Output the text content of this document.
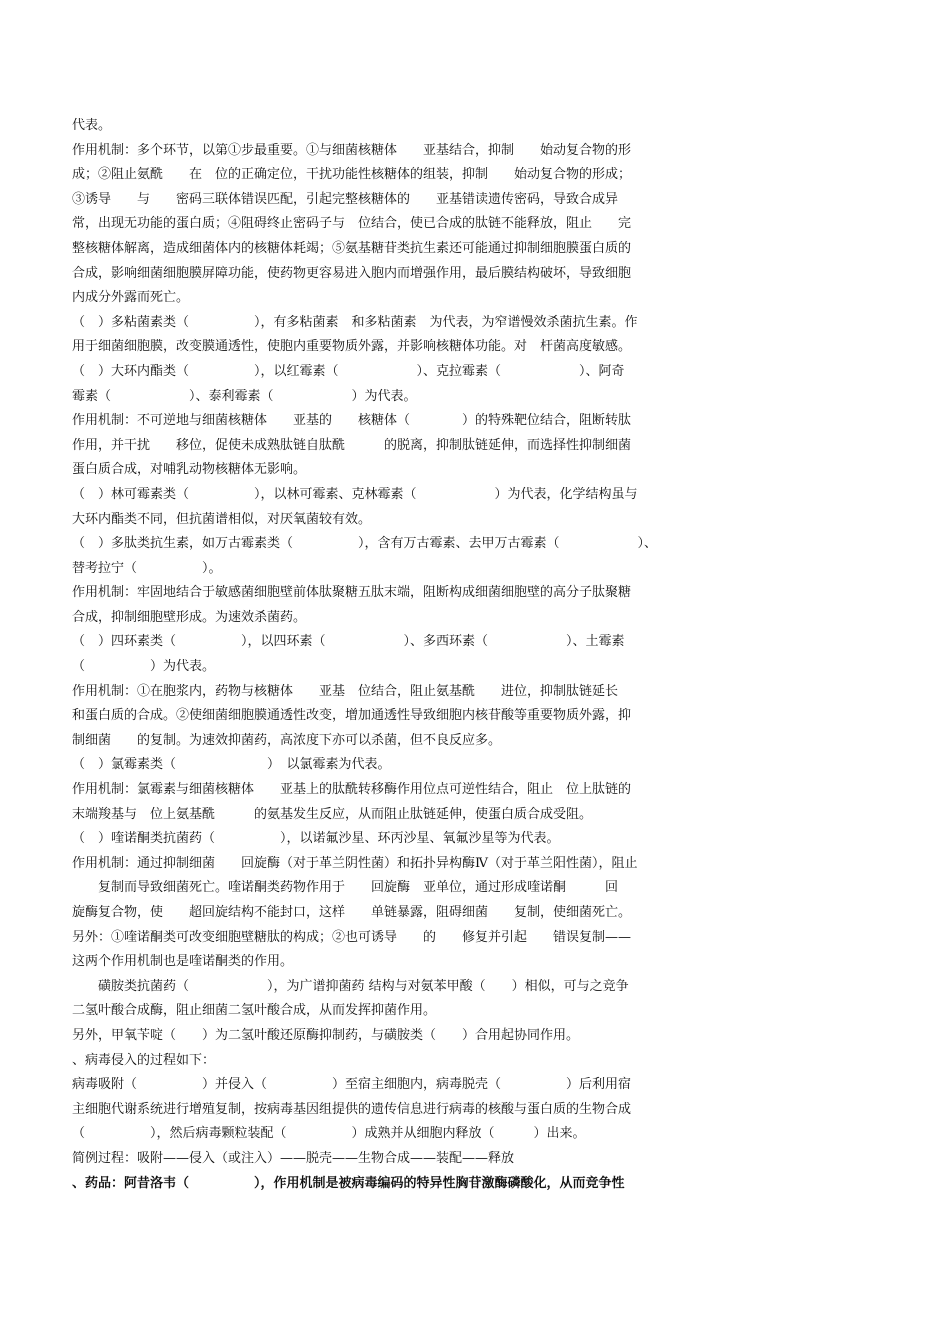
代表。
作用机制：多个环节，以第①步最重要。①与细菌核糖体　　亚基结合，抑制　　始动复合物的形
成；②阻止氨酰　　在　位的正确定位，干扰功能性核糖体的组装，抑制　　始动复合物的形成；
③诱导　　与　　密码三联体错误匹配，引起完整核糖体的　　亚基错读遗传密码，导致合成异
常，出现无功能的蛋白质；④阻碍终止密码子与　位结合，使已合成的肽链不能释放，阻止　　完
整核糖体解离，造成细菌体内的核糖体耗竭；⑤氨基糖苷类抗生素还可能通过抑制细胞膜蛋白质的
合成，影响细菌细胞膜屏障功能，使药物更容易进入胞内而增强作用，最后膜结构破坏，导致细胞
内成分外露而死亡。
（　）多粘菌素类（　　　　　），有多粘菌素　和多粘菌素　为代表，为窄谱慢效杀菌抗生素。作
用于细菌细胞膜，改变膜通透性，使胞内重要物质外露，并影响核糖体功能。对　杆菌高度敏感。
（　）大环内酯类（　　　　　），以红霉素（　　　　　　）、克拉霉素（　　　　　　）、阿奇
霉素（　　　　　　）、泰利霉素（　　　　　　）为代表。
作用机制：不可逆地与细菌核糖体　　亚基的　　核糖体（　　　　）的特殊靶位结合，阻断转肽
作用，并干扰　　移位，促使未成熟肽链自肽酰　　　的脱离，抑制肽链延伸，而选择性抑制细菌
蛋白质合成，对哺乳动物核糖体无影响。
（　）林可霉素类（　　　　　），以林可霉素、克林霉素（　　　　　　）为代表，化学结构虽与
大环内酯类不同，但抗菌谱相似，对厌氧菌较有效。
（　）多肽类抗生素，如万古霉素类（　　　　　），含有万古霉素、去甲万古霉素（　　　　　　）、
替考拉宁（　　　　　）。
作用机制：牢固地结合于敏感菌细胞壁前体肽聚糖五肽末端，阻断构成细菌细胞壁的高分子肽聚糖
合成，抑制细胞壁形成。为速效杀菌药。
（　）四环素类（　　　　　），以四环素（　　　　　　）、多西环素（　　　　　　）、土霉素
（　　　　　）为代表。
作用机制：①在胞浆内，药物与核糖体　　亚基　位结合，阻止氨基酰　　进位，抑制肽链延长
和蛋白质的合成。②使细菌细胞膜通透性改变，增加通透性导致细胞内核苷酸等重要物质外露，抑
制细菌　　的复制。为速效抑菌药，高浓度下亦可以杀菌，但不良反应多。
（　）氯霉素类（　　　　　　　）　以氯霉素为代表。
作用机制：氯霉素与细菌核糖体　　亚基上的肽酰转移酶作用位点可逆性结合，阻止　位上肽链的
末端羧基与　位上氨基酰　　　的氨基发生反应，从而阻止肽链延伸，使蛋白质合成受阻。
（　）喹诺酮类抗菌药（　　　　　），以诺氟沙星、环丙沙星、氧氟沙星等为代表。
作用机制：通过抑制细菌　　回旋酶（对于革兰阴性菌）和拓扑异构酶Ⅳ（对于革兰阳性菌），阻止
　　复制而导致细菌死亡。喹诺酮类药物作用于　　回旋酶　亚单位，通过形成喹诺酮　　　回
旋酶复合物，使　　超回旋结构不能封口，这样　　单链暴露，阻碍细菌　　复制，使细菌死亡。
另外：①喹诺酮类可改变细胞壁糖肽的构成；②也可诱导　　的　　修复并引起　　错误复制——
这两个作用机制也是喹诺酮类的作用。
　　磺胺类抗菌药（　　　　　　），为广谱抑菌药 结构与对氨苯甲酸（　　）相似，可与之竞争
二氢叶酸合成酶，阻止细菌二氢叶酸合成，从而发挥抑菌作用。
另外，甲氧苄啶（　　）为二氢叶酸还原酶抑制药，与磺胺类（　　）合用起协同作用。
、病毒侵入的过程如下：
病毒吸附（　　　　　）并侵入（　　　　　）至宿主细胞内，病毒脱壳（　　　　　）后利用宿
主细胞代谢系统进行增殖复制，按病毒基因组提供的遗传信息进行病毒的核酸与蛋白质的生物合成
（　　　　　），然后病毒颗粒装配（　　　　　）成熟并从细胞内释放（　　　）出来。
简例过程：吸附——侵入（或注入）——脱壳——生物合成——装配——释放
、药品：阿昔洛韦（　　　　　），作用机制是被病毒编码的特异性胸苷激酶磷酸化，从而竞争性
